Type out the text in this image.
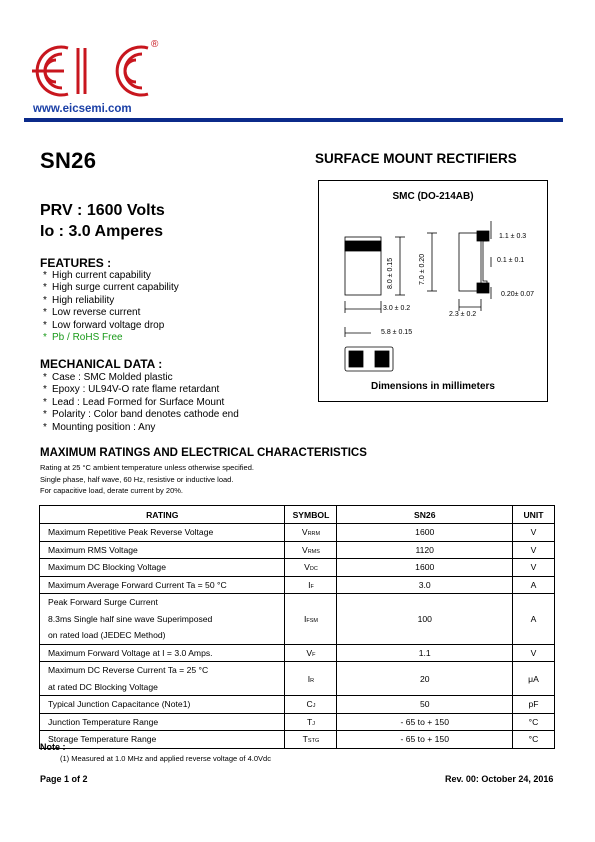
®
www.eicsemi.com
SN26	SURFACE MOUNT RECTIFIERS
PRV : 1600 Volts
Io : 3.0 Amperes
FEATURES :
* High current capability
* High surge current capability
* High reliability
* Low reverse current
* Low forward voltage drop
* Pb / RoHS Free
MECHANICAL DATA :
* Case : SMC Molded plastic
* Epoxy : UL94V-O rate flame retardant
* Lead : Lead Formed for Surface Mount
* Polarity : Color band denotes cathode end
* Mounting position : Any
SMC (DO-214AB)
8.0 ± 0.15	7.0 ± 0.20
3.0 ± 0.2
5.8 ± 0.15
1.1 ± 0.3
0.1 ± 0.1
0.20± 0.07
2.3 ± 0.2
Dimensions in millimeters
MAXIMUM RATINGS AND ELECTRICAL CHARACTERISTICS
Rating at 25 °C ambient temperature unless otherwise specified.
Single phase, half wave, 60 Hz, resistive or inductive load.
For capacitive load, derate current by 20%.
RATING	SYMBOL	SN26	UNIT
Maximum Repetitive Peak Reverse Voltage	VRRM	1600	V
Maximum RMS Voltage	VRMS	1120	V
Maximum DC Blocking Voltage	VDC	1600	V
Maximum Average Forward Current Ta = 50 °C	IF	3.0	A

Peak Forward Surge Current
8.3ms Single half sine wave Superimposed
on rated load (JEDEC Method)	IFSM	100	A
Maximum Forward Voltage at I = 3.0 Amps.	VF	1.1	V

Maximum DC Reverse Current Ta = 25 °C
at rated DC Blocking Voltage	IR	20	μA
Typical Junction Capacitance (Note1)	CJ	50	pF
Junction Temperature Range	TJ	- 65 to + 150	°C
Storage Temperature Range	TSTG	- 65 to + 150	°C
Note :
(1) Measured at 1.0 MHz and applied reverse voltage of 4.0Vdc
Page 1 of 2	Rev. 00: October 24, 2016
